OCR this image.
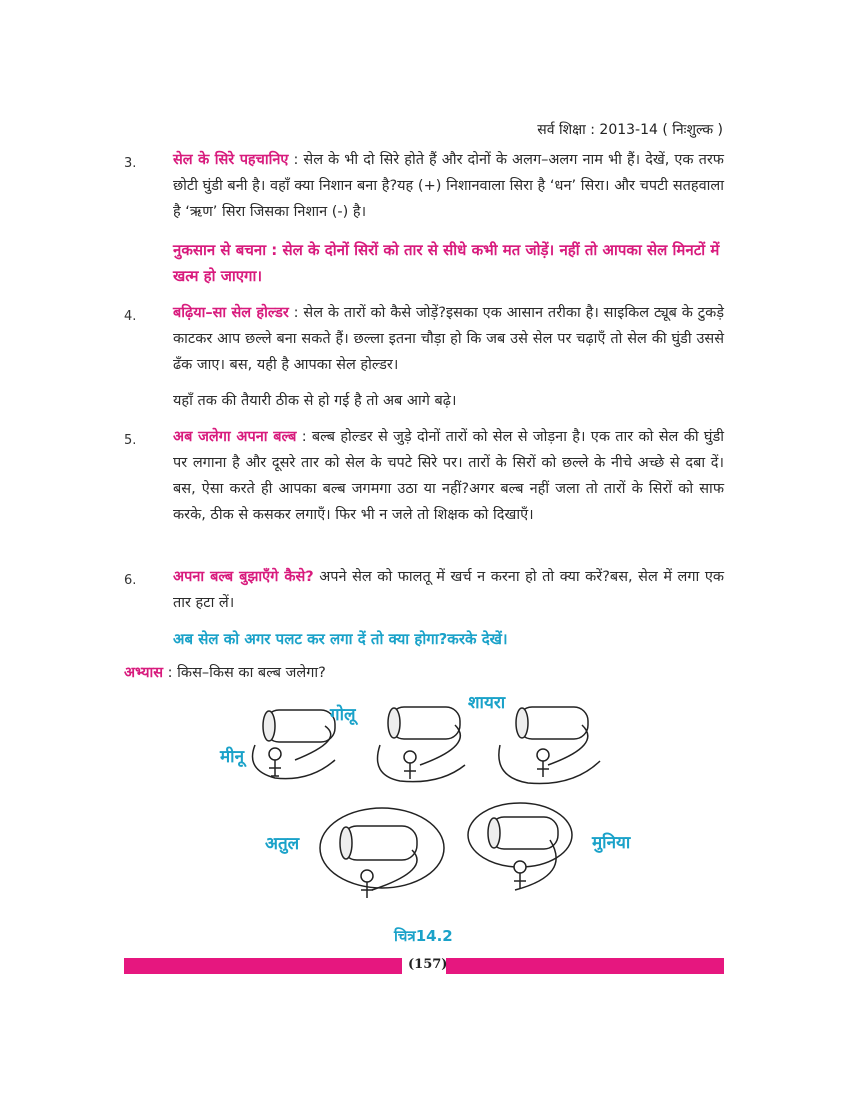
सर्व शिक्षा : 2013-14 ( निःशुल्क )
3.	सेल के सिरे पहचानिए : सेल के भी दो सिरे होते हैं और दोनों के अलग–अलग नाम भी हैं। देखें, एक तरफ छोटी घुंडी बनी है। वहाँ क्या निशान बना है?यह (+) निशानवाला सिरा है ‘धन’ सिरा। और चपटी सतहवाला है ‘ऋण’ सिरा जिसका निशान (-) है।
नुकसान से बचना : सेल के दोनों सिरों को तार से सीधे कभी मत जोड़ें। नहीं तो आपका सेल मिनटों में खत्म हो जाएगा।
4.	बढ़िया–सा सेल होल्डर : सेल के तारों को कैसे जोड़ें?इसका एक आसान तरीका है। साइकिल ट्यूब के टुकड़े काटकर आप छल्ले बना सकते हैं। छल्ला इतना चौड़ा हो कि जब उसे सेल पर चढ़ाएँ तो सेल की घुंडी उससे ढँक जाए। बस, यही है आपका सेल होल्डर।
यहाँ तक की तैयारी ठीक से हो गई है तो अब आगे बढ़े।
5.	अब जलेगा अपना बल्ब : बल्ब होल्डर से जुड़े दोनों तारों को सेल से जोड़ना है। एक तार को सेल की घुंडी पर लगाना है और दूसरे तार को सेल के चपटे सिरे पर। तारों के सिरों को छल्ले के नीचे अच्छे से दबा दें। बस, ऐसा करते ही आपका बल्ब जगमगा उठा या नहीं?अगर बल्ब नहीं जला तो तारों के सिरों को साफ करके, ठीक से कसकर लगाएँ। फिर भी न जले तो शिक्षक को दिखाएँ।
6.	अपना बल्ब बुझाएँगे कैसे? अपने सेल को फालतू में खर्च न करना हो तो क्या करें?बस, सेल में लगा एक तार हटा लें।
अब सेल को अगर पलट कर लगा दें तो क्या होगा?करके देखें।
अभ्यास : किस–किस का बल्ब जलेगा?
मीनू
गोलू
शायरा
अतुल	मुनिया
चित्र14.2
(157)
